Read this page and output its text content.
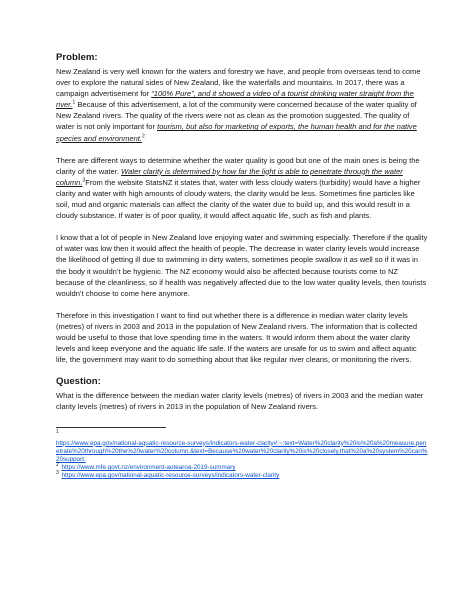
Problem:

New Zealand is very well known for the waters and forestry we have, and people from overseas tend to come over to explore the natural sides of New Zealand, like the waterfalls and mountains. In 2017, there was a campaign advertisement for “100% Pure”, and it showed a video of a tourist drinking water straight from the river.$^1$ Because of this advertisement, a lot of the community were concerned because of the water quality of New Zealand rivers. The quality of the rivers were not as clean as the promotion suggested. The quality of water is not only important for tourism, but also for marketing of exports, the human health and for the native species and environment.$^2$

There are different ways to determine whether the water quality is good but one of the main ones is being the clarity of the water. Water clarity is determined by how far the light is able to penetrate through the water column.$^3$From the website StatsNZ it states that, water with less cloudy waters (turbidity) would have a higher clarity and water with high amounts of cloudy waters, the clarity would be less. Sometimes fine particles like soil, mud and organic materials can affect the clarity of the water due to build up, and this would result in a cloudy substance. If water is of poor quality, it would affect aquatic life, such as fish and plants.

I know that a lot of people in New Zealand love enjoying water and swimming especially. Therefore if the quality of water was low then it would affect the health of people. The decrease in water clarity levels would increase the likelihood of getting ill due to swimming in dirty waters, sometimes people swallow it as well so if it was in the body it wouldn’t be hygienic. The NZ economy would also be affected because tourists come to NZ because of the cleanliness, so if health was negatively affected due to the low water quality levels, then tourists wouldn’t choose to come here anymore.

Therefore in this investigation I want to find out whether there is a difference in median water clarity levels (metres) of rivers in 2003 and 2013 in the population of New Zealand rivers. The information that is collected would be useful to those that love spending time in the waters. It would inform them about the water clarity levels and keep everyone and the aquatic life safe. If the waters are unsafe for us to swim and affect aquatic life, the government may want to do something about that like regular river cleans, or monitoring the rivers.

Question:

What is the difference between the median water clarity levels (metres) of rivers in 2003 and the median water clarity levels (metres) of rivers in 2013 in the population of New Zealand rivers.

$^1$
https://www.epa.gov/national-aquatic-resource-surveys/indicators-water-clarity#:~:text=Water%20clarity%20is%20a%20measure,penetrate%20through%20the%20water%20column.&text=Because%20water%20clarity%20is%20closely,that%20a%20system%20can%20support.

$^2$ https://www.mfe.govt.nz/environment-aotearoa-2019-summary

$^3$ https://www.epa.gov/national-aquatic-resource-surveys/indicators-water-clarity
